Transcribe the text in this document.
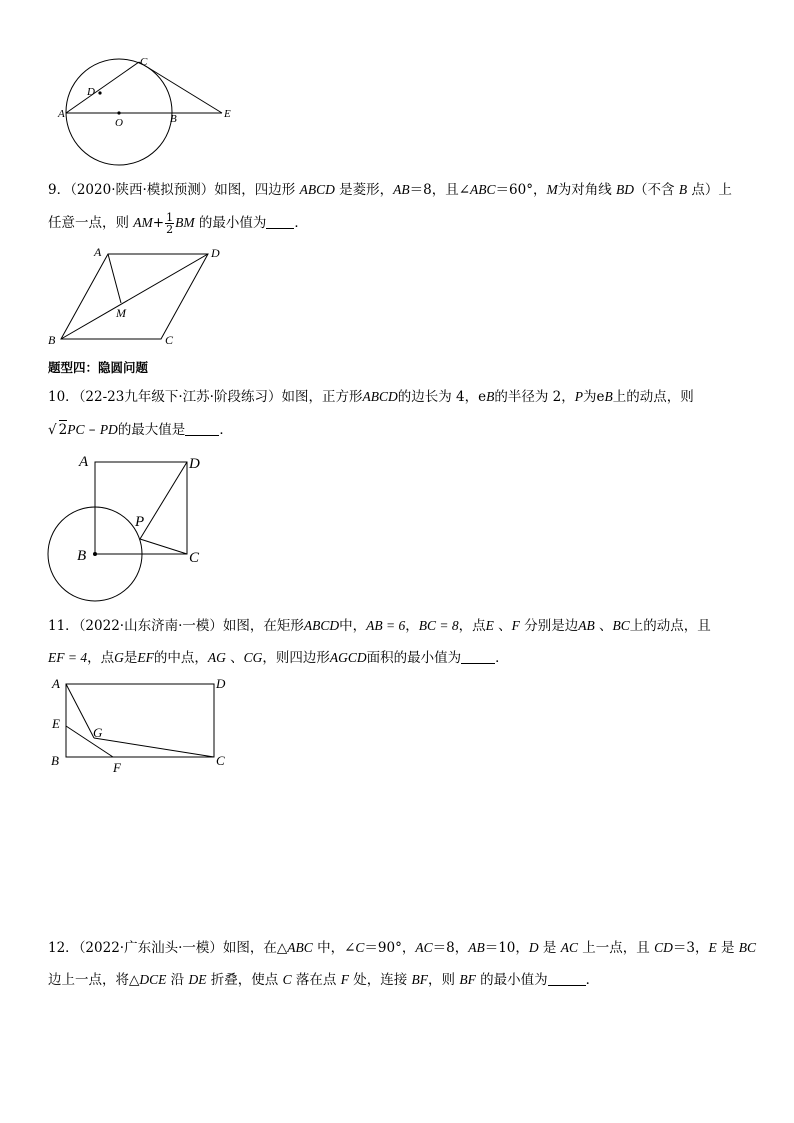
C
D
A
O	B	E
9．（2020·陕西·模拟预测）如图，四边形 ABCD 是菱形，AB＝8，且∠ABC＝60°，M为对角线 BD（不含 B 点）上
任意一点，则 $AM+ \frac{1}{2}$ BM 的最小值为 ．
A	D
M
B	C
题型四：隐圆问题
10．（22-23九年级下·江苏·阶段练习）如图，正方形ABCD的边长为 4，eB的半径为 2，P为eB上的动点，则
√ 2PC – PD的最大值是	．
A	D
P
B	C
11．（2022·山东济南·一模）如图，在矩形ABCD中，AB = 6，BC = 8，点E 、F 分别是边AB 、BC上的动点，且
EF = 4，点G是EF的中点，AG 、CG，则四边形AGCD面积的最小值为	．
A	D
E
G
B	F	C
12．（2022·广东汕头·一模）如图，在△ABC 中，∠C＝90°，AC＝8，AB＝10，D 是 AC 上一点，且 CD＝3，E 是 BC
边上一点，将△DCE 沿 DE 折叠，使点 C 落在点 F 处，连接 BF，则 BF 的最小值为	．
